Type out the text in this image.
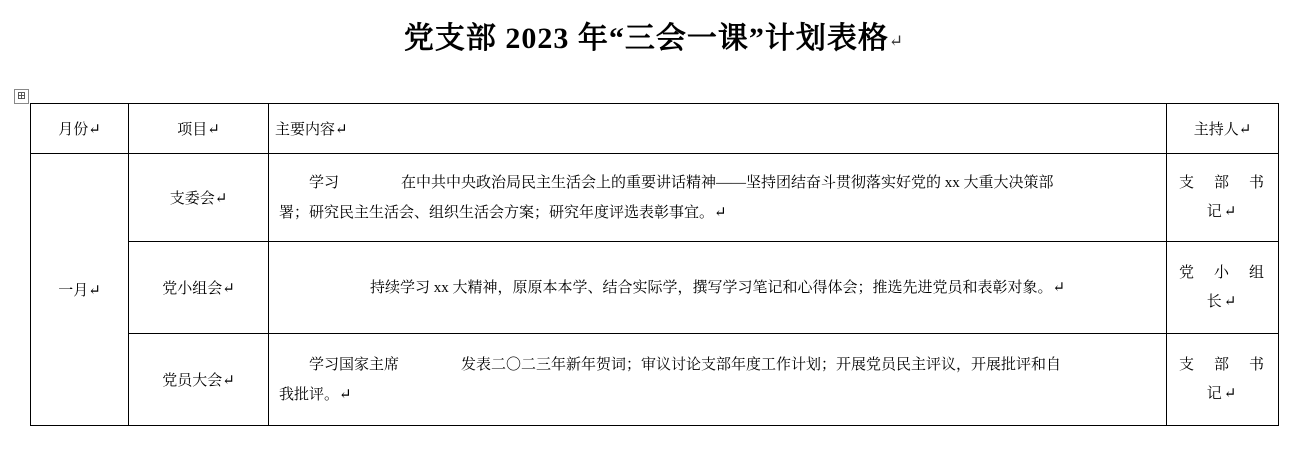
党支部 2023 年“三会一课”计划表格↵
⊞
月份↵	项目↵	主要内容↵	主持人↵
一月↵	支委会↵	学习 在中共中央政治局民主生活会上的重要讲话精神——坚持团结奋斗贯彻落实好党的 xx 大重大决策部
署；研究民主生活会、组织生活会方案；研究年度评选表彰事宜。↵	支 部 书
记↵

	党小组会↵	持续学习 xx 大精神，原原本本学、结合实际学，撰写学习笔记和心得体会；推选先进党员和表彰对象。↵	党 小 组
长↵

	党员大会↵	学习国家主席 发表二〇二三年新年贺词；审议讨论支部年度工作计划；开展党员民主评议，开展批评和自
我批评。↵	支 部 书
记↵
